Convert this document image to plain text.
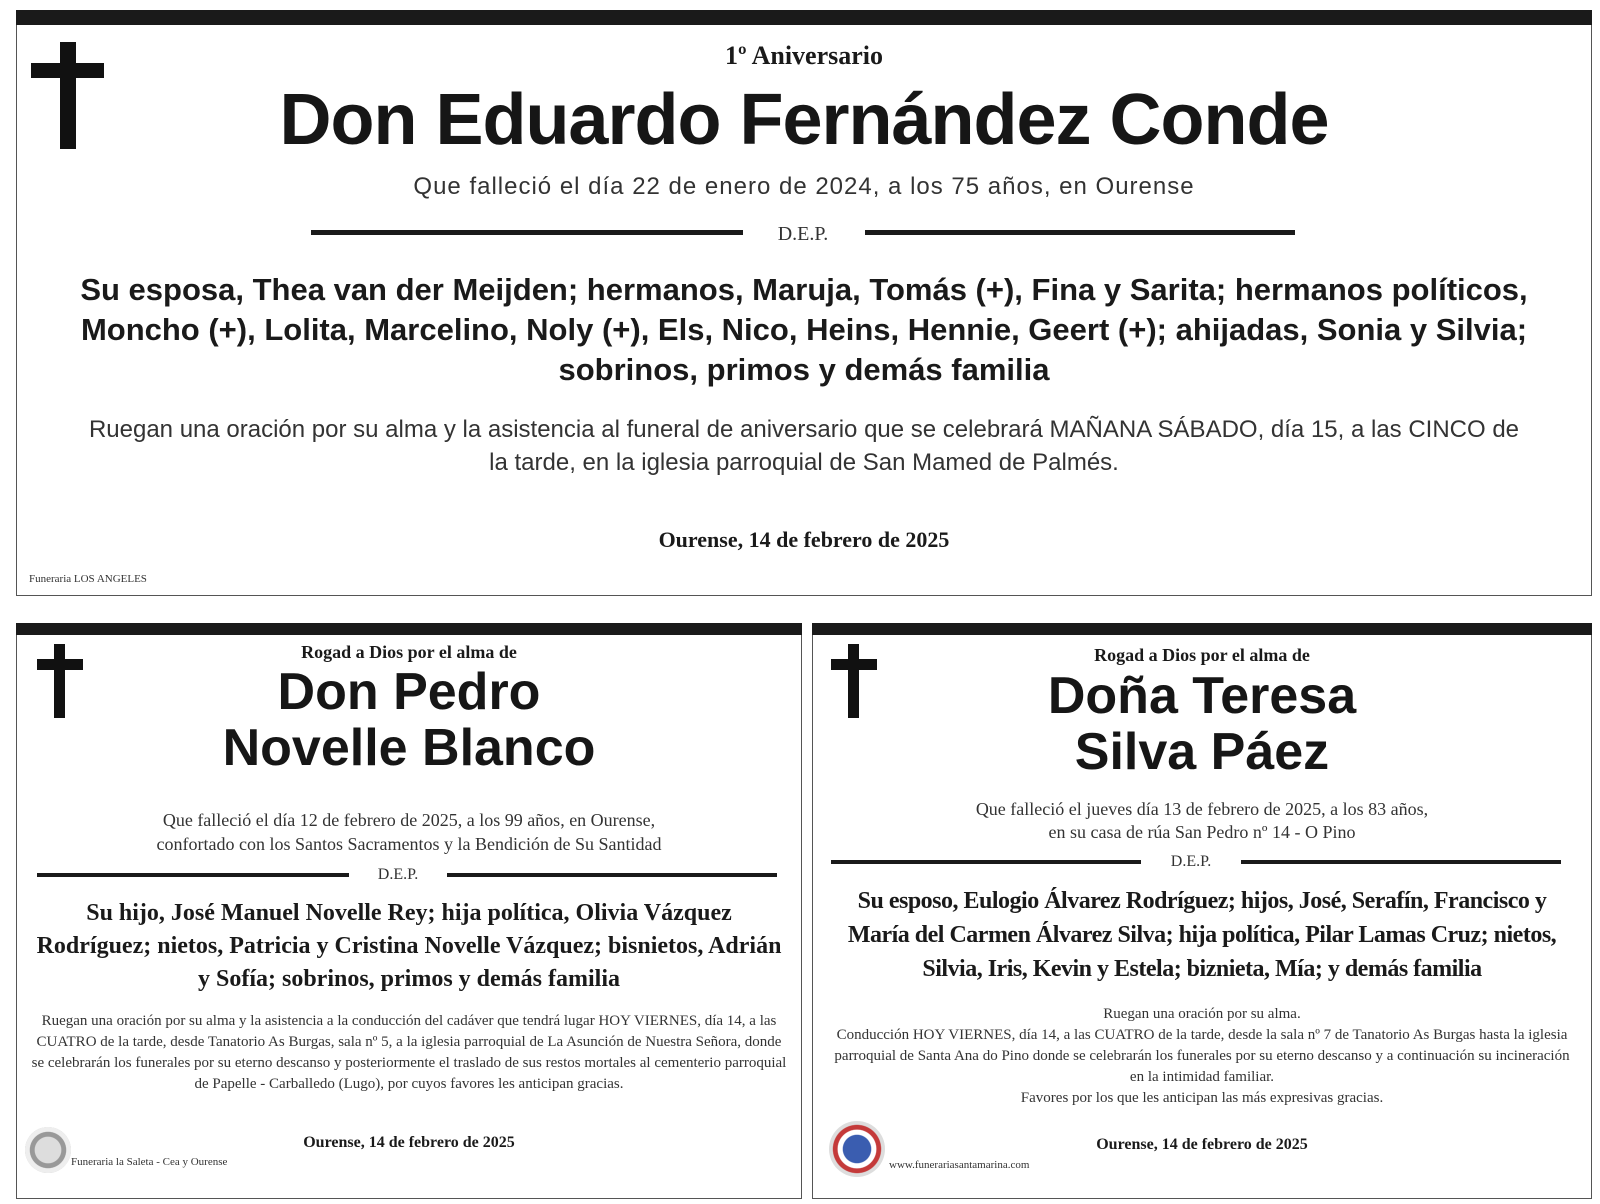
1º Aniversario
Don Eduardo Fernández Conde
Que falleció el día 22 de enero de 2024, a los 75 años, en Ourense
D.E.P.
Su esposa, Thea van der Meijden; hermanos, Maruja, Tomás (+), Fina y Sarita; hermanos políticos, Moncho (+), Lolita, Marcelino, Noly (+), Els, Nico, Heins, Hennie, Geert (+); ahijadas, Sonia y Silvia; sobrinos, primos y demás familia
Ruegan una oración por su alma y la asistencia al funeral de aniversario que se celebrará MAÑANA SÁBADO, día 15, a las CINCO de la tarde, en la iglesia parroquial de San Mamed de Palmés.
Ourense, 14 de febrero de 2025
Funeraria LOS ANGELES
Rogad a Dios por el alma de
Don Pedro
Novelle Blanco
Que falleció el día 12 de febrero de 2025, a los 99 años, en Ourense,
confortado con los Santos Sacramentos y la Bendición de Su Santidad
D.E.P.
Su hijo, José Manuel Novelle Rey; hija política, Olivia Vázquez Rodríguez; nietos, Patricia y Cristina Novelle Vázquez; bisnietos, Adrián y Sofía; sobrinos, primos y demás familia
Ruegan una oración por su alma y la asistencia a la conducción del cadáver que tendrá lugar HOY VIERNES, día 14, a las CUATRO de la tarde, desde Tanatorio As Burgas, sala nº 5, a la iglesia parroquial de La Asunción de Nuestra Señora, donde se celebrarán los funerales por su eterno descanso y posteriormente el traslado de sus restos mortales al cementerio parroquial de Papelle - Carballedo (Lugo), por cuyos favores les anticipan gracias.
Ourense, 14 de febrero de 2025
Funeraria la Saleta - Cea y Ourense
Rogad a Dios por el alma de
Doña Teresa
Silva Páez
Que falleció el jueves día 13 de febrero de 2025, a los 83 años,
en su casa de rúa San Pedro nº 14 - O Pino
D.E.P.
Su esposo, Eulogio Álvarez Rodríguez; hijos, José, Serafín, Francisco y María del Carmen Álvarez Silva; hija política, Pilar Lamas Cruz; nietos, Silvia, Iris, Kevin y Estela; biznieta, Mía; y demás familia
Ruegan una oración por su alma.
Conducción HOY VIERNES, día 14, a las CUATRO de la tarde, desde la sala nº 7 de Tanatorio As Burgas hasta la iglesia parroquial de Santa Ana do Pino donde se celebrarán los funerales por su eterno descanso y a continuación su incineración en la intimidad familiar.
Favores por los que les anticipan las más expresivas gracias.
Ourense, 14 de febrero de 2025
www.funerariasantamarina.com
